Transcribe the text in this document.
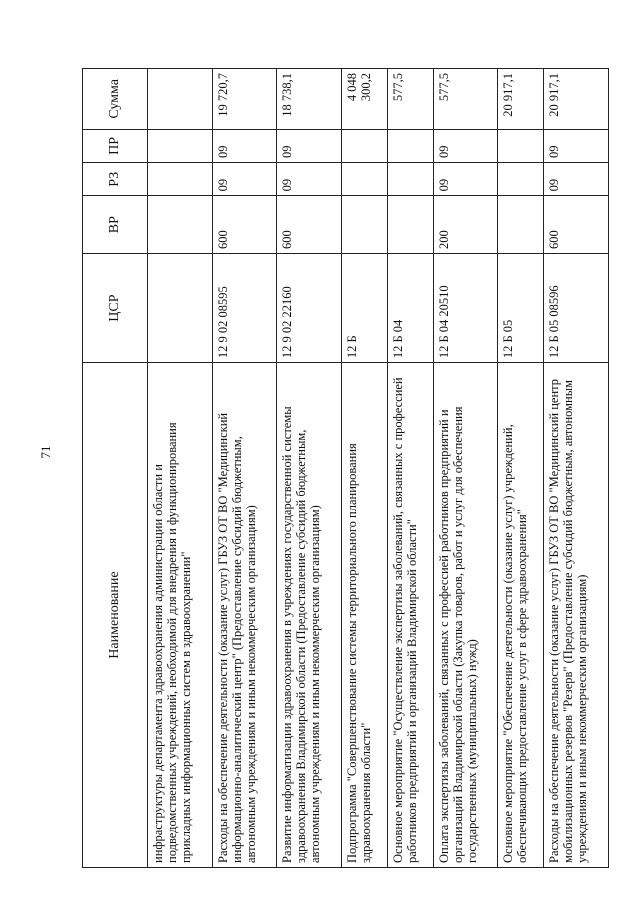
71
Наименование	ЦСР	ВР	РЗ	ПР	Сумма
инфраструктуры департамента здравоохранения администрации области и подведомственных учреждений, необходимой для внедрения и функционирования прикладных информационных систем в здравоохранении"					
Расходы на обеспечение деятельности (оказание услуг) ГБУЗ ОТ ВО "Медицинский информационно-аналитический центр" (Предоставление субсидий бюджетным, автономным учреждениям и иным некоммерческим организациям)	12 9 02 08595	600	09	09	19 720,7
Развитие информатизации здравоохранения в учреждениях государственной системы здравоохранения Владимирской области (Предоставление субсидий бюджетным, автономным учреждениям и иным некоммерческим организациям)	12 9 02 22160	600	09	09	18 738,1
Подпрограмма "Совершенствование системы территориального планирования здравоохранения области"	12 Б				4 048 300,2
Основное мероприятие "Осуществление экспертизы заболеваний, связанных с профессией работников предприятий и организаций Владимирской области"	12 Б 04				577,5
Оплата экспертизы заболеваний, связанных с профессией работников предприятий и организаций Владимирской области (Закупка товаров, работ и услуг для обеспечения государственных (муниципальных) нужд)	12 Б 04 20510	200	09	09	577,5
Основное мероприятие "Обеспечение деятельности (оказание услуг) учреждений, обеспечивающих предоставление услуг в сфере здравоохранения"	12 Б 05				20 917,1
Расходы на обеспечение деятельности (оказание услуг) ГБУЗ ОТ ВО "Медицинский центр мобилизационных резервов "Резерв" (Предоставление субсидий бюджетным, автономным учреждениям и иным некоммерческим организациям)	12 Б 05 08596	600	09	09	20 917,1
